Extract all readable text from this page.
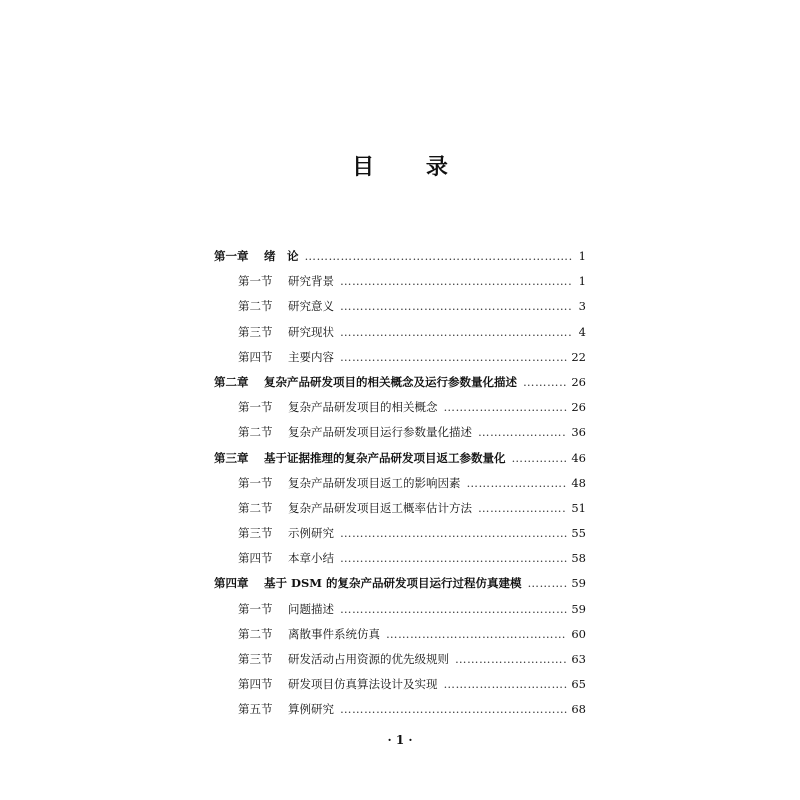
目 录
第一章	绪　论 ……………………………………………………………………………………………………………………	1
第一节	研究背景 ……………………………………………………………………………………………………………………	1
第二节	研究意义 ……………………………………………………………………………………………………………………	3
第三节	研究现状 ……………………………………………………………………………………………………………………	4
第四节	主要内容 ……………………………………………………………………………………………………………………	22
第二章	复杂产品研发项目的相关概念及运行参数量化描述 ……………………………………………………………………………………………………………………	26
第一节	复杂产品研发项目的相关概念 ……………………………………………………………………………………………………………………	26
第二节	复杂产品研发项目运行参数量化描述 ……………………………………………………………………………………………………………………	36
第三章	基于证据推理的复杂产品研发项目返工参数量化 ……………………………………………………………………………………………………………………	46
第一节	复杂产品研发项目返工的影响因素 ……………………………………………………………………………………………………………………	48
第二节	复杂产品研发项目返工概率估计方法 ……………………………………………………………………………………………………………………	51
第三节	示例研究 ……………………………………………………………………………………………………………………	55
第四节	本章小结 ……………………………………………………………………………………………………………………	58
第四章	基于 DSM 的复杂产品研发项目运行过程仿真建模 ……………………………………………………………………………………………………………………	59
第一节	问题描述 ……………………………………………………………………………………………………………………	59
第二节	离散事件系统仿真 ……………………………………………………………………………………………………………………	60
第三节	研发活动占用资源的优先级规则 ……………………………………………………………………………………………………………………	63
第四节	研发项目仿真算法设计及实现 ……………………………………………………………………………………………………………………	65
第五节	算例研究 ……………………………………………………………………………………………………………………	68
· 1 ·
